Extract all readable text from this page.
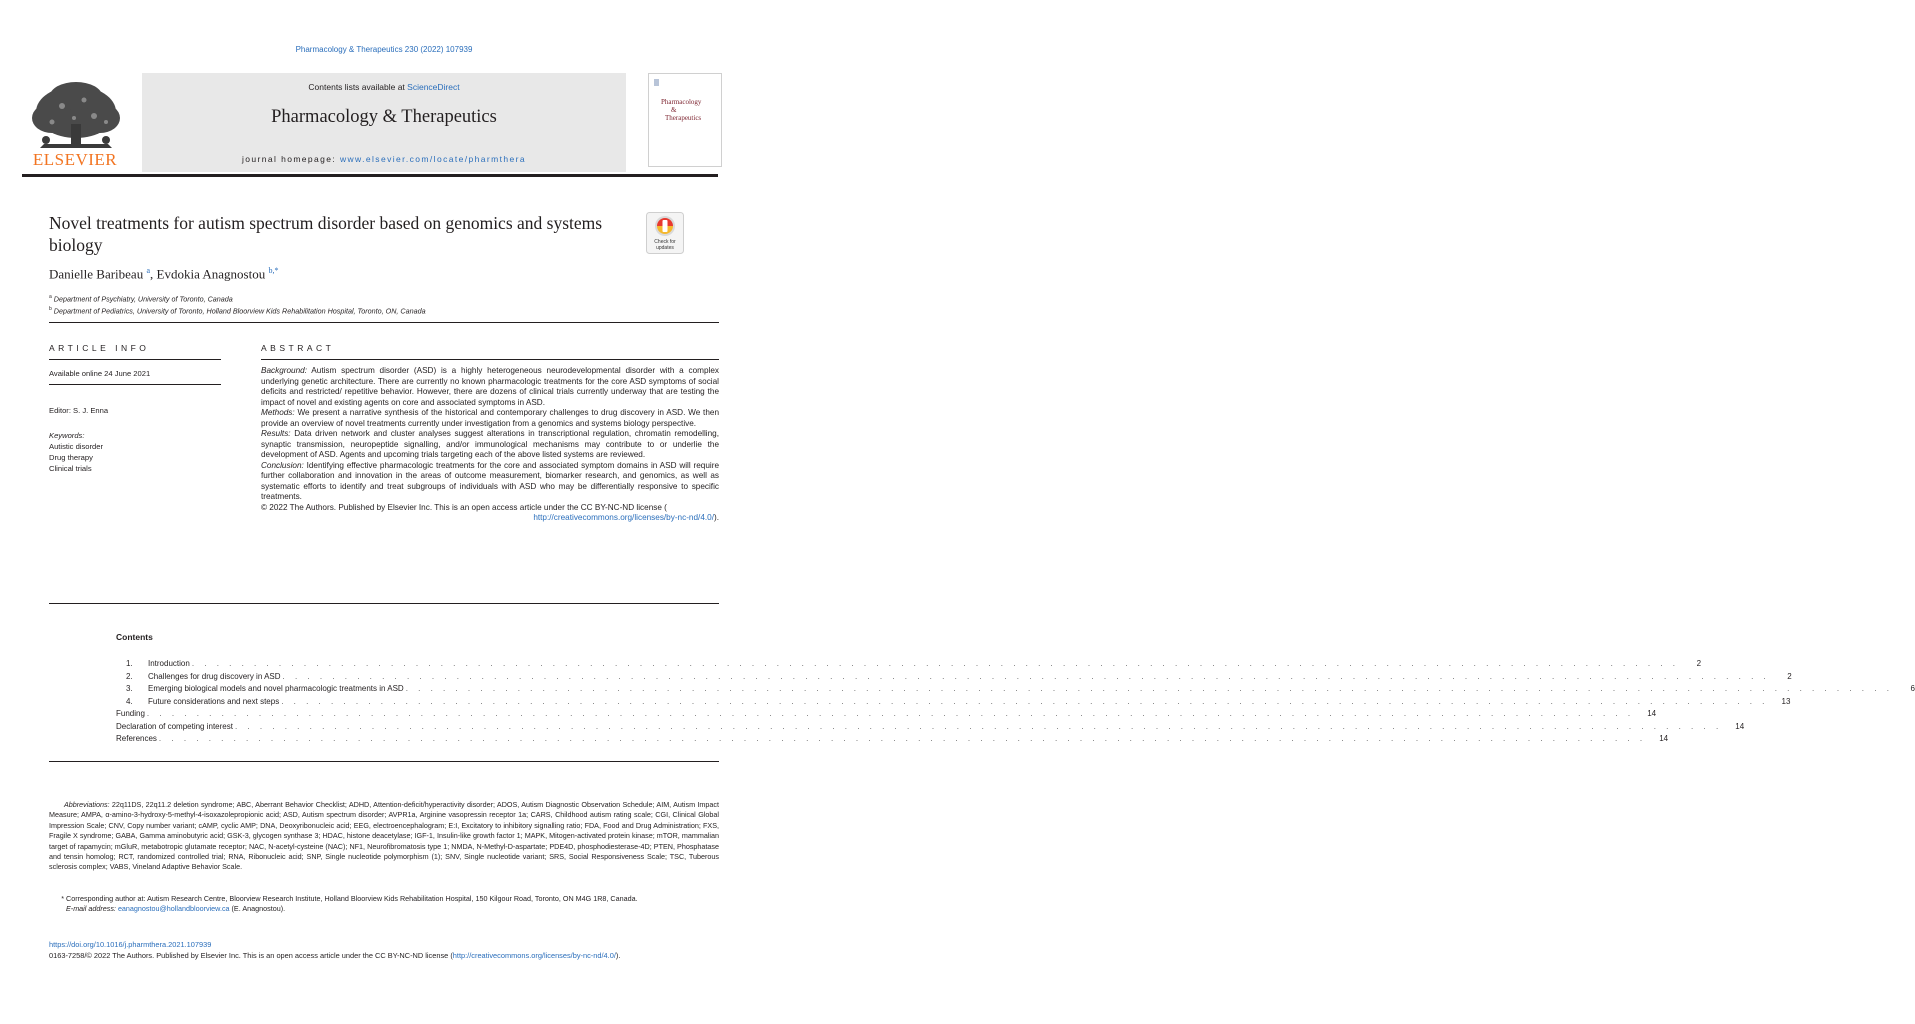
Pharmacology & Therapeutics 230 (2022) 107939
ELSEVIER
Contents lists available at ScienceDirect
Pharmacology & Therapeutics
journal homepage: www.elsevier.com/locate/pharmthera
Pharmacology
&
Therapeutics
Novel treatments for autism spectrum disorder based on genomics and systems biology	Check for
updates
Danielle Baribeau $^a$, Evdokia Anagnostou $^{b,*}$
$^a$ Department of Psychiatry, University of Toronto, Canada
$^b$ Department of Pediatrics, University of Toronto, Holland Bloorview Kids Rehabilitation Hospital, Toronto, ON, Canada
ARTICLE INFO
Available online 24 June 2021
Editor: S. J. Enna
Keywords:
Autistic disorder
Drug therapy
Clinical trials
ABSTRACT

Background: Autism spectrum disorder (ASD) is a highly heterogeneous neurodevelopmental disorder with a complex underlying genetic architecture. There are currently no known pharmacologic treatments for the core ASD symptoms of social deficits and restricted/ repetitive behavior. However, there are dozens of clinical trials currently underway that are testing the impact of novel and existing agents on core and associated symptoms in ASD.

Methods: We present a narrative synthesis of the historical and contemporary challenges to drug discovery in ASD. We then provide an overview of novel treatments currently under investigation from a genomics and systems biology perspective.

Results: Data driven network and cluster analyses suggest alterations in transcriptional regulation, chromatin remodelling, synaptic transmission, neuropeptide signalling, and/or immunological mechanisms may contribute to or underlie the development of ASD. Agents and upcoming trials targeting each of the above listed systems are reviewed.

Conclusion: Identifying effective pharmacologic treatments for the core and associated symptom domains in ASD will require further collaboration and innovation in the areas of outcome measurement, biomarker research, and genomics, as well as systematic efforts to identify and treat subgroups of individuals with ASD who may be differentially responsive to specific treatments.

© 2022 The Authors. Published by Elsevier Inc. This is an open access article under the CC BY-NC-ND license (
http://creativecommons.org/licenses/by-nc-nd/4.0/).

Contents
1.	Introduction . . . . . . . . . . . . . . . . . . . . . . . . . . . . . . . . . . . . . . . . . . . . . . . . . . . . . . . . . . . . . . . . . . . . . . . . . . . . . . . . . . . . . . . . . . . . . . . . . . . . . . . . . . . . . . . . . . . . . . . .	2
2.	Challenges for drug discovery in ASD . . . . . . . . . . . . . . . . . . . . . . . . . . . . . . . . . . . . . . . . . . . . . . . . . . . . . . . . . . . . . . . . . . . . . . . . . . . . . . . . . . . . . . . . . . . . . . . . . . . . . . . . . . . . . . . . . . . . . . . .	2
3.	Emerging biological models and novel pharmacologic treatments in ASD . . . . . . . . . . . . . . . . . . . . . . . . . . . . . . . . . . . . . . . . . . . . . . . . . . . . . . . . . . . . . . . . . . . . . . . . . . . . . . . . . . . . . . . . . . . . . . . . . . . . . . . . . . . . . . . . . . . . . . . .	6
4.	Future considerations and next steps . . . . . . . . . . . . . . . . . . . . . . . . . . . . . . . . . . . . . . . . . . . . . . . . . . . . . . . . . . . . . . . . . . . . . . . . . . . . . . . . . . . . . . . . . . . . . . . . . . . . . . . . . . . . . . . . . . . . . . . .	13
Funding . . . . . . . . . . . . . . . . . . . . . . . . . . . . . . . . . . . . . . . . . . . . . . . . . . . . . . . . . . . . . . . . . . . . . . . . . . . . . . . . . . . . . . . . . . . . . . . . . . . . . . . . . . . . . . . . . . . . . . . .	14
Declaration of competing interest . . . . . . . . . . . . . . . . . . . . . . . . . . . . . . . . . . . . . . . . . . . . . . . . . . . . . . . . . . . . . . . . . . . . . . . . . . . . . . . . . . . . . . . . . . . . . . . . . . . . . . . . . . . . . . . . . . . . . . . .	14
References . . . . . . . . . . . . . . . . . . . . . . . . . . . . . . . . . . . . . . . . . . . . . . . . . . . . . . . . . . . . . . . . . . . . . . . . . . . . . . . . . . . . . . . . . . . . . . . . . . . . . . . . . . . . . . . . . . . . . . . .	14
Abbreviations: 22q11DS, 22q11.2 deletion syndrome; ABC, Aberrant Behavior Checklist; ADHD, Attention-deficit/hyperactivity disorder; ADOS, Autism Diagnostic Observation Schedule; AIM, Autism Impact Measure; AMPA, α-amino-3-hydroxy-5-methyl-4-isoxazolepropionic acid; ASD, Autism spectrum disorder; AVPR1a, Arginine vasopressin receptor 1a; CARS, Childhood autism rating scale; CGI, Clinical Global Impression Scale; CNV, Copy number variant; cAMP, cyclic AMP; DNA, Deoxyribonucleic acid; EEG, electroencephalogram; E:I, Excitatory to inhibitory signalling ratio; FDA, Food and Drug Administration; FXS, Fragile X syndrome; GABA, Gamma aminobutyric acid; GSK-3, glycogen synthase 3; HDAC, histone deacetylase; IGF-1, Insulin-like growth factor 1; MAPK, Mitogen-activated protein kinase; mTOR, mammalian target of rapamycin; mGluR, metabotropic glutamate receptor; NAC, N-acetyl-cysteine (NAC); NF1, Neurofibromatosis type 1; NMDA, N-Methyl-D-aspartate; PDE4D, phosphodiesterase-4D; PTEN, Phosphatase and tensin homolog; RCT, randomized controlled trial; RNA, Ribonucleic acid; SNP, Single nucleotide polymorphism (1); SNV, Single nucleotide variant; SRS, Social Responsiveness Scale; TSC, Tuberous sclerosis complex; VABS, Vineland Adaptive Behavior Scale.
* Corresponding author at: Autism Research Centre, Bloorview Research Institute, Holland Bloorview Kids Rehabilitation Hospital, 150 Kilgour Road, Toronto, ON M4G 1R8, Canada.
E-mail address: eanagnostou@hollandbloorview.ca (E. Anagnostou).
https://doi.org/10.1016/j.pharmthera.2021.107939
0163-7258/© 2022 The Authors. Published by Elsevier Inc. This is an open access article under the CC BY-NC-ND license (http://creativecommons.org/licenses/by-nc-nd/4.0/).
